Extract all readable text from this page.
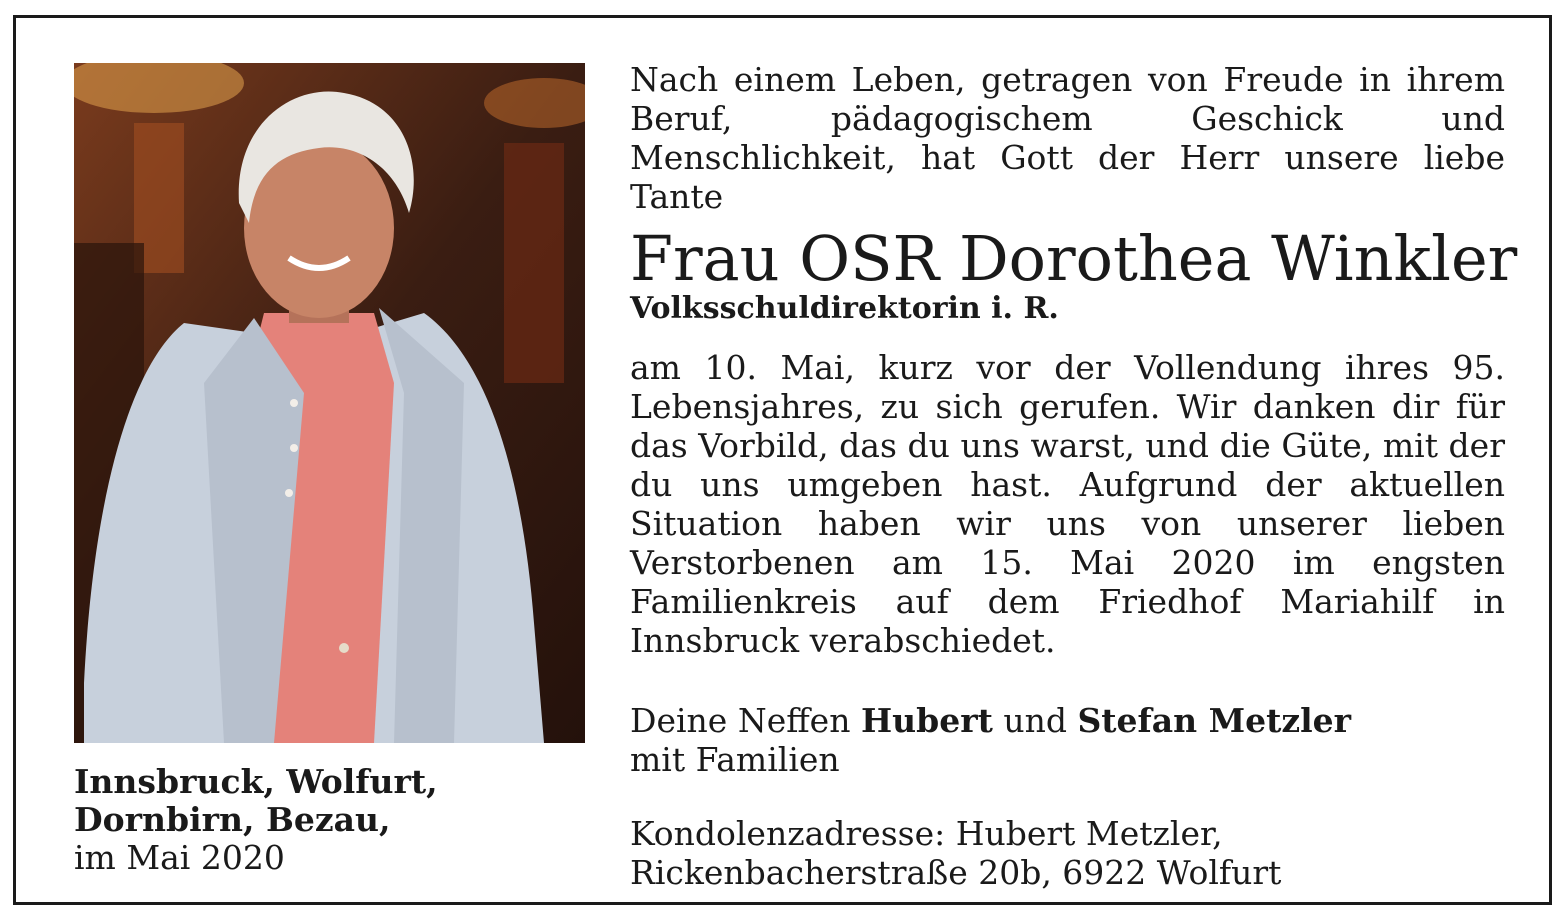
Innsbruck, Wolfurt,
Dornbirn, Bezau,
im Mai 2020

Nach einem Leben, getragen von Freude in ihrem Beruf, pädagogischem Geschick und Menschlichkeit, hat Gott der Herr unsere liebe Tante

Frau OSR Dorothea Winkler

Volksschuldirektorin i. R.

am 10. Mai, kurz vor der Vollendung ihres 95. Lebensjahres, zu sich gerufen. Wir danken dir für das Vorbild, das du uns warst, und die Güte, mit der du uns umgeben hast. Aufgrund der aktuellen Situation haben wir uns von unserer lieben Verstorbenen am 15. Mai 2020 im engsten Familienkreis auf dem Friedhof Mariahilf in Innsbruck verabschiedet.

Deine Neffen Hubert und Stefan Metzler
mit Familien
Kondolenzadresse: Hubert Metzler,
Rickenbacherstraße 20b, 6922 Wolfurt
